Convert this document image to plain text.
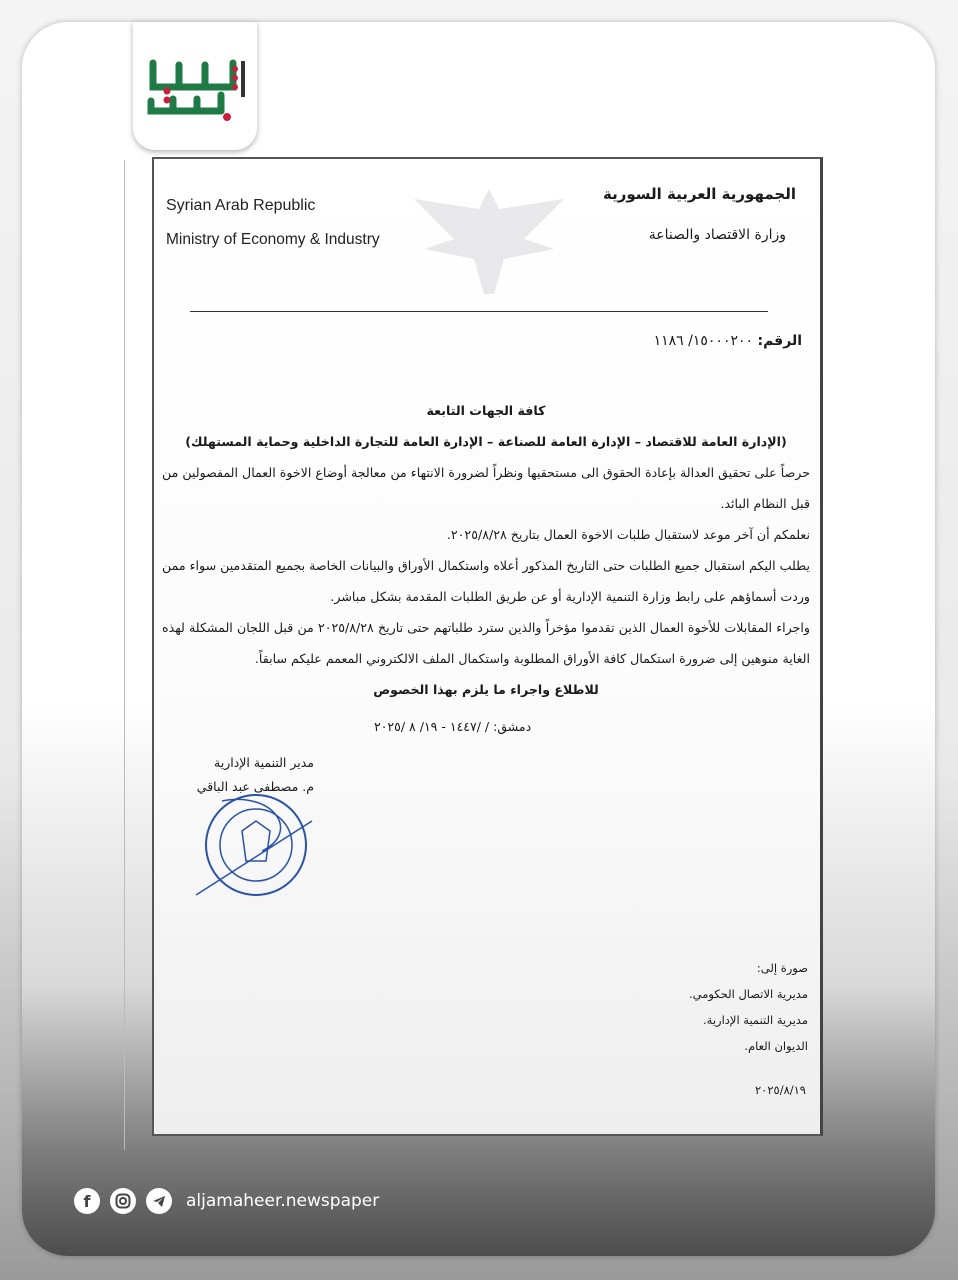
Syrian Arab Republic
Ministry of Economy & Industry
الجمهورية العربية السورية
وزارة الاقتصاد والصناعة
الرقم: ١٥٠٠٠٢٠٠/ ١١٨٦
كافة الجهات التابعة
(الإدارة العامة للاقتصاد – الإدارة العامة للصناعة – الإدارة العامة للتجارة الداخلية وحماية المستهلك)
حرصاً على تحقيق العدالة بإعادة الحقوق الى مستحقيها ونظراً لضرورة الانتهاء من معالجة أوضاع الاخوة العمال المفصولين من قبل النظام البائد.
نعلمكم أن آخر موعد لاستقبال طلبات الاخوة العمال بتاريخ ٢٠٢٥/٨/٢٨.
يطلب اليكم استقبال جميع الطلبات حتى التاريخ المذكور أعلاه واستكمال الأوراق والبيانات الخاصة بجميع المتقدمين سواء ممن وردت أسماؤهم على رابط وزارة التنمية الإدارية أو عن طريق الطلبات المقدمة بشكل مباشر.
واجراء المقابلات للأخوة العمال الذين تقدموا مؤخراً والذين سترد طلباتهم حتى تاريخ ٢٠٢٥/٨/٢٨ من قبل اللجان المشكلة لهذه الغاية منوهين إلى ضرورة استكمال كافة الأوراق المطلوبة واستكمال الملف الالكتروني المعمم عليكم سابقاً.
للاطلاع واجراء ما يلزم بهذا الخصوص
دمشق: / /١٤٤٧ - ١٩/ ٨ /٢٠٢٥
مدير التنمية الإدارية
م. مصطفى عبد الباقي
صورة إلى:
مديرية الاتصال الحكومي.
مديرية التنمية الإدارية.
الديوان العام.
٢٠٢٥/٨/١٩
f	aljamaheer.newspaper
